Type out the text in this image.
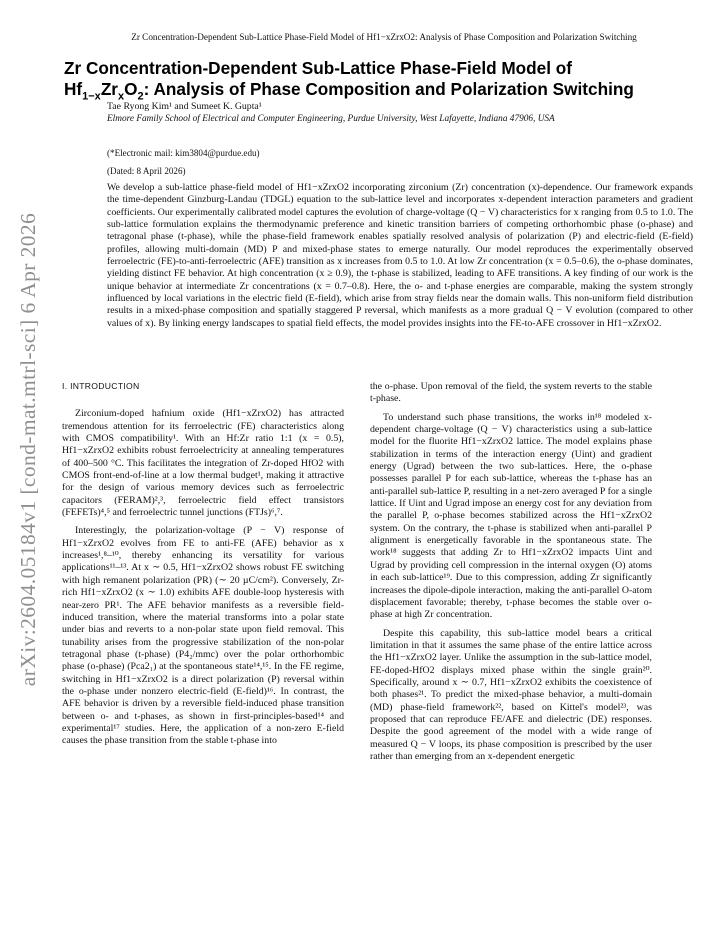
Zr Concentration-Dependent Sub-Lattice Phase-Field Model of Hf1−xZrxO2: Analysis of Phase Composition and Polarization Switching
arXiv:2604.05184v1 [cond-mat.mtrl-sci] 6 Apr 2026
Zr Concentration-Dependent Sub-Lattice Phase-Field Model of
$Hf_{1-x}Zr_xO_2$: Analysis of Phase Composition and Polarization Switching
Tae Ryong Kim¹ and Sumeet K. Gupta¹
Elmore Family School of Electrical and Computer Engineering, Purdue University, West Lafayette, Indiana 47906, USA
(*Electronic mail: kim3804@purdue.edu)
(Dated: 8 April 2026)

We develop a sub-lattice phase-field model of Hf1−xZrxO2 incorporating zirconium (Zr) concentration (x)-dependence. Our framework expands the time-dependent Ginzburg-Landau (TDGL) equation to the sub-lattice level and incorporates x-dependent interaction parameters and gradient coefficients. Our experimentally calibrated model captures the evolution of charge-voltage (Q − V) characteristics for x ranging from 0.5 to 1.0. The sub-lattice formulation explains the thermodynamic preference and kinetic transition barriers of competing orthorhombic phase (o-phase) and tetragonal phase (t-phase), while the phase-field framework enables spatially resolved analysis of polarization (P) and electric-field (E-field) profiles, allowing multi-domain (MD) P and mixed-phase states to emerge naturally. Our model reproduces the experimentally observed ferroelectric (FE)-to-anti-ferroelectric (AFE) transition as x increases from 0.5 to 1.0. At low Zr concentration (x = 0.5–0.6), the o-phase dominates, yielding distinct FE behavior. At high concentration (x ≥ 0.9), the t-phase is stabilized, leading to AFE transitions. A key finding of our work is the unique behavior at intermediate Zr concentrations (x = 0.7–0.8). Here, the o- and t-phase energies are comparable, making the system strongly influenced by local variations in the electric field (E-field), which arise from stray fields near the domain walls. This non-uniform field distribution results in a mixed-phase composition and spatially staggered P reversal, which manifests as a more gradual Q − V evolution (compared to other values of x). By linking energy landscapes to spatial field effects, the model provides insights into the FE-to-AFE crossover in Hf1−xZrxO2.

I. INTRODUCTION

Zirconium-doped hafnium oxide (Hf1−xZrxO2) has attracted tremendous attention for its ferroelectric (FE) characteristics along with CMOS compatibility¹. With an Hf:Zr ratio 1:1 (x = 0.5), Hf1−xZrxO2 exhibits robust ferroelectricity at annealing temperatures of 400–500 °C. This facilitates the integration of Zr-doped HfO2 with CMOS front-end-of-line at a low thermal budget¹, making it attractive for the design of various memory devices such as ferroelectric capacitors (FERAM)²,³, ferroelectric field effect transistors (FEFETs)⁴,⁵ and ferroelectric tunnel junctions (FTJs)⁶,⁷.

Interestingly, the polarization-voltage (P − V) response of Hf1−xZrxO2 evolves from FE to anti-FE (AFE) behavior as x increases¹,⁸–¹⁰, thereby enhancing its versatility for various applications¹¹–¹³. At x ∼ 0.5, Hf1−xZrxO2 shows robust FE switching with high remanent polarization (PR) (∼ 20 µC/cm²). Conversely, Zr-rich Hf1−xZrxO2 (x ∼ 1.0) exhibits AFE double-loop hysteresis with near-zero PR¹. The AFE behavior manifests as a reversible field-induced transition, where the material transforms into a polar state under bias and reverts to a non-polar state upon field removal. This tunability arises from the progressive stabilization of the non-polar tetragonal phase (t-phase) (P4₂/mmc) over the polar orthorhombic phase (o-phase) (Pca2₁) at the spontaneous state¹⁴,¹⁵. In the FE regime, switching in Hf1−xZrxO2 is a direct polarization (P) reversal within the o-phase under nonzero electric-field (E-field)¹⁶. In contrast, the AFE behavior is driven by a reversible field-induced phase transition between o- and t-phases, as shown in first-principles-based¹⁴ and experimental¹⁷ studies. Here, the application of a non-zero E-field causes the phase transition from the stable t-phase into

the o-phase. Upon removal of the field, the system reverts to the stable t-phase.

To understand such phase transitions, the works in¹⁸ modeled x-dependent charge-voltage (Q − V) characteristics using a sub-lattice model for the fluorite Hf1−xZrxO2 lattice. The model explains phase stabilization in terms of the interaction energy (Uint) and gradient energy (Ugrad) between the two sub-lattices. Here, the o-phase possesses parallel P for each sub-lattice, whereas the t-phase has an anti-parallel sub-lattice P, resulting in a net-zero averaged P for a single lattice. If Uint and Ugrad impose an energy cost for any deviation from the parallel P, o-phase becomes stabilized across the Hf1−xZrxO2 system. On the contrary, the t-phase is stabilized when anti-parallel P alignment is energetically favorable in the spontaneous state. The work¹⁸ suggests that adding Zr to Hf1−xZrxO2 impacts Uint and Ugrad by providing cell compression in the internal oxygen (O) atoms in each sub-lattice¹⁹. Due to this compression, adding Zr significantly increases the dipole-dipole interaction, making the anti-parallel O-atom displacement favorable; thereby, t-phase becomes the stable over o-phase at high Zr concentration.

Despite this capability, this sub-lattice model bears a critical limitation in that it assumes the same phase of the entire lattice across the Hf1−xZrxO2 layer. Unlike the assumption in the sub-lattice model, FE-doped-HfO2 displays mixed phase within the single grain²⁰. Specifically, around x ∼ 0.7, Hf1−xZrxO2 exhibits the coexistence of both phases²¹. To predict the mixed-phase behavior, a multi-domain (MD) phase-field framework²², based on Kittel's model²³, was proposed that can reproduce FE/AFE and dielectric (DE) responses. Despite the good agreement of the model with a wide range of measured Q − V loops, its phase composition is prescribed by the user rather than emerging from an x-dependent energetic
